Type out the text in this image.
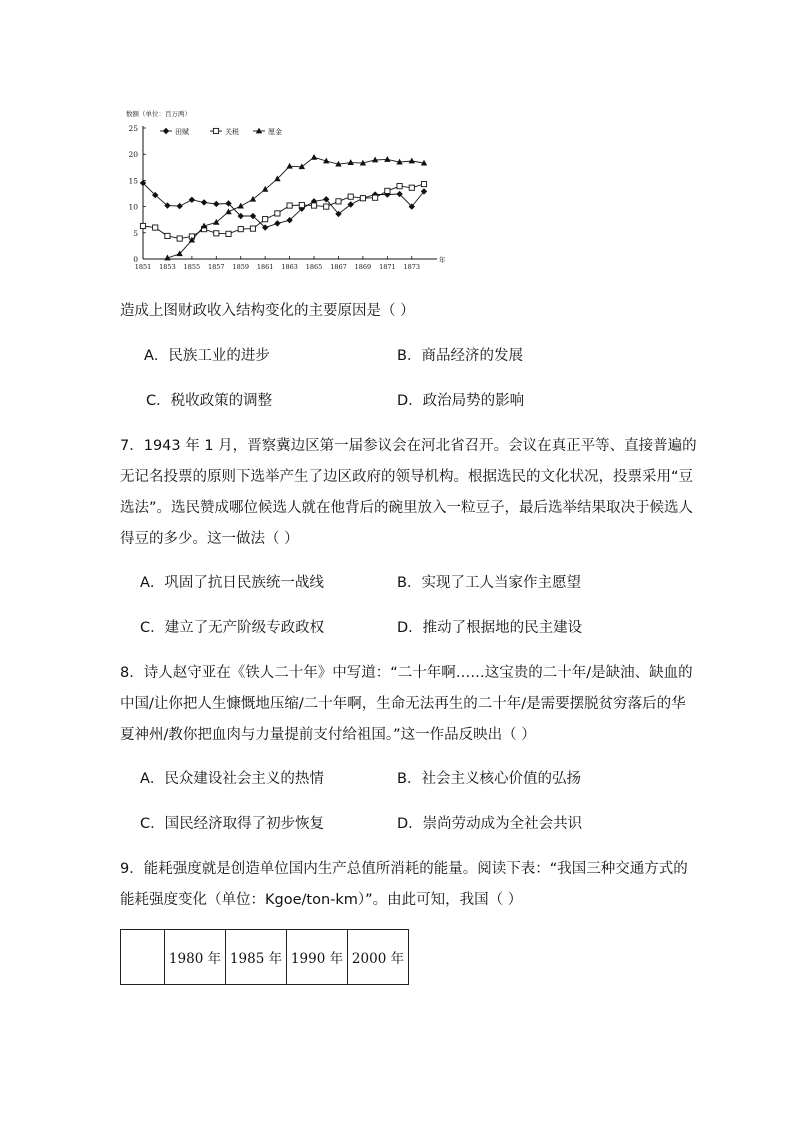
0
5
10
15
20
25
1851 1853 1855 1857 1859 1861 1863 1865 1867 1869 1871 1873
数额（单位：百万两）
年
田赋	关税	厘金
造成上图财政收入结构变化的主要原因是（ ）
A．民族工业的进步	B．商品经济的发展
C．税收政策的调整	D．政治局势的影响
7．1943 年 1 月，晋察冀边区第一届参议会在河北省召开。会议在真正平等、直接普遍的
无记名投票的原则下选举产生了边区政府的领导机构。根据选民的文化状况，投票采用“豆
选法”。选民赞成哪位候选人就在他背后的碗里放入一粒豆子，最后选举结果取决于候选人
得豆的多少。这一做法（ ）
A．巩固了抗日民族统一战线	B．实现了工人当家作主愿望
C．建立了无产阶级专政政权	D．推动了根据地的民主建设
8．诗人赵守亚在《铁人二十年》中写道：“二十年啊……这宝贵的二十年/是缺油、缺血的
中国/让你把人生慷慨地压缩/二十年啊，生命无法再生的二十年/是需要摆脱贫穷落后的华
夏神州/教你把血肉与力量提前支付给祖国。”这一作品反映出（ ）
A．民众建设社会主义的热情	B．社会主义核心价值的弘扬
C．国民经济取得了初步恢复	D．崇尚劳动成为全社会共识
9．能耗强度就是创造单位国内生产总值所消耗的能量。阅读下表：“我国三种交通方式的
能耗强度变化（单位：Kgoe/ton-km）”。由此可知，我国（ ）
	1980 年	1985 年	1990 年	2000 年
